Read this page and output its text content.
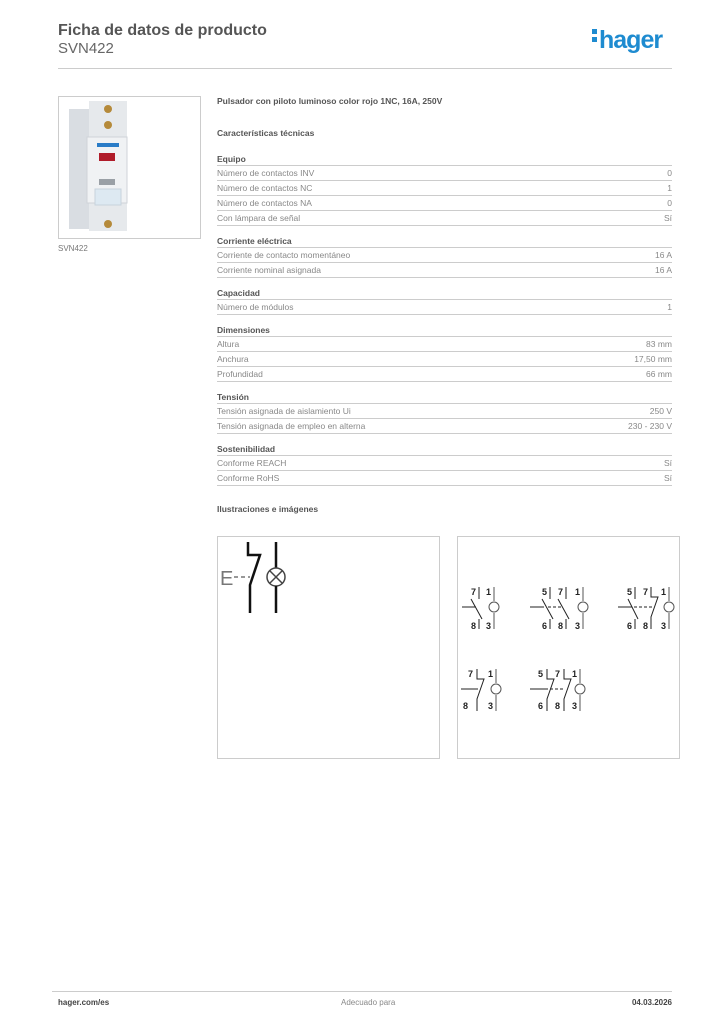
Ficha de datos de producto
SVN422	hager
SVN422
Pulsador con piloto luminoso color rojo 1NC, 16A, 250V
Características técnicas
Equipo
Número de contactos INV	0
Número de contactos NC	1
Número de contactos NA	0
Con lámpara de señal	Sí
Corriente eléctrica
Corriente de contacto momentáneo	16 A
Corriente nominal asignada	16 A
Capacidad
Número de módulos	1
Dimensiones
Altura	83 mm
Anchura	17,50 mm
Profundidad	66 mm
Tensión
Tensión asignada de aislamiento Ui	250 V
Tensión asignada de empleo en alterna	230 - 230 V
Sostenibilidad
Conforme REACH	Sí
Conforme RoHS	Sí
Ilustraciones e imágenes
E
7
8
1
3
5
6
7
8
1
3
5
6
7
8
1
3
7
8
1
3
5
6
7
8
1
3
hager.com/es	Adecuado para	04.03.2026
